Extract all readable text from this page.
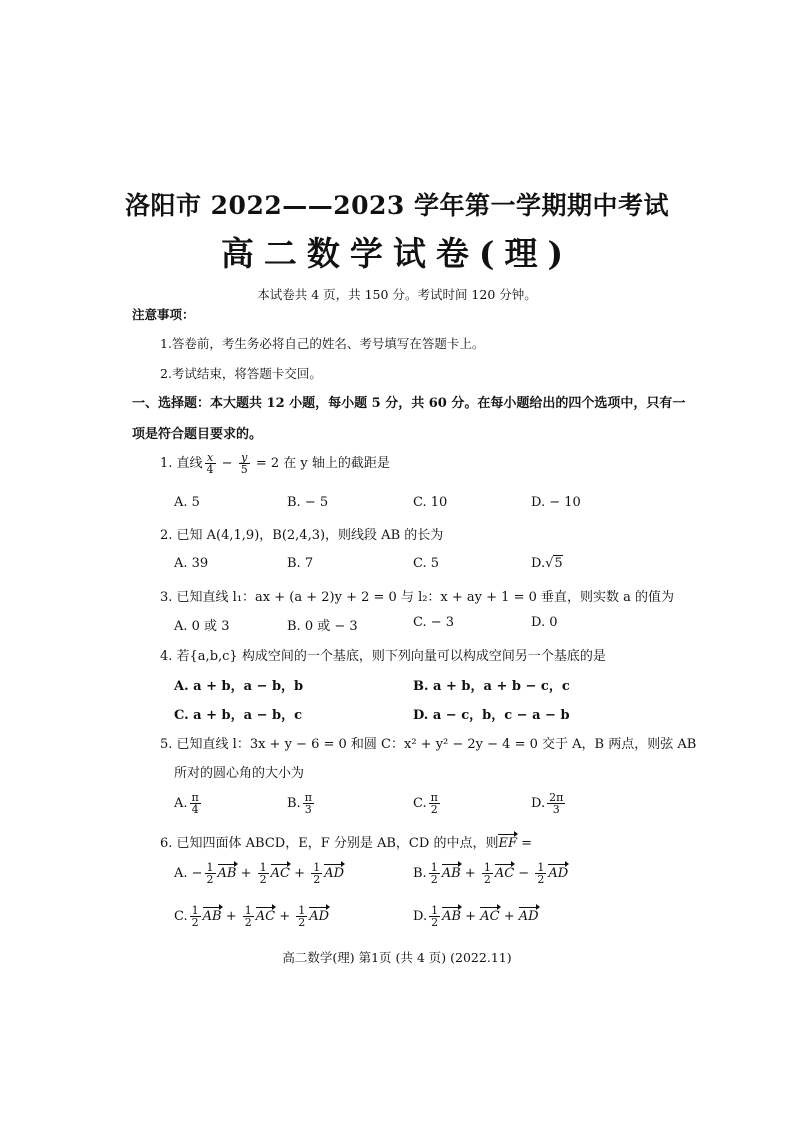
洛阳市 2022——2023 学年第一学期期中考试
高二数学试卷(理)
本试卷共 4 页，共 150 分。考试时间 120 分钟。
注意事项：
1.答卷前，考生务必将自己的姓名、考号填写在答题卡上。
2.考试结束，将答题卡交回。
一、选择题：本大题共 12 小题，每小题 5 分，共 60 分。在每小题给出的四个选项中，只有一
项是符合题目要求的。
1. 直线 $\frac{x}{4} - \frac{y}{5} = 2$ 在 y 轴上的截距是
A. 5	B. − 5	C. 10	D. − 10
2. 已知 A(4,1,9)，B(2,4,3)，则线段 AB 的长为
A. 39	B. 7	C. 5	D.√5
3. 已知直线 l₁：ax + (a + 2)y + 2 = 0 与 l₂：x + ay + 1 = 0 垂直，则实数 a 的值为
A. 0 或 3	B. 0 或 − 3	C. − 3	D. 0
4. 若{a,b,c} 构成空间的一个基底，则下列向量可以构成空间另一个基底的是
A. a + b，a − b，b	B. a + b，a + b − c，c
C. a + b，a − b，c	D. a − c，b，c − a − b
5. 已知直线 l：3x + y − 6 = 0 和圆 C：x² + y² − 2y − 4 = 0 交于 A，B 两点，则弦 AB
所对的圆心角的大小为
A. $\frac{\pi}{4}$	B. $\frac{\pi}{3}$	C. $\frac{\pi}{2}$	D. $\frac{2\pi}{3}$
6. 已知四面体 ABCD，E，F 分别是 AB，CD 的中点，则EF =
A. − $\frac{1}{2}$ AB + $\frac{1}{2}$ AC + $\frac{1}{2}$ AD	B. $\frac{1}{2}$ AB + $\frac{1}{2}$ AC − $\frac{1}{2}$ AD
C. $\frac{1}{2}$ AB + $\frac{1}{2}$ AC + $\frac{1}{2}$ AD	D. $\frac{1}{2}$ AB + AC + AD
高二数学(理) 第1页 (共 4 页) (2022.11)
